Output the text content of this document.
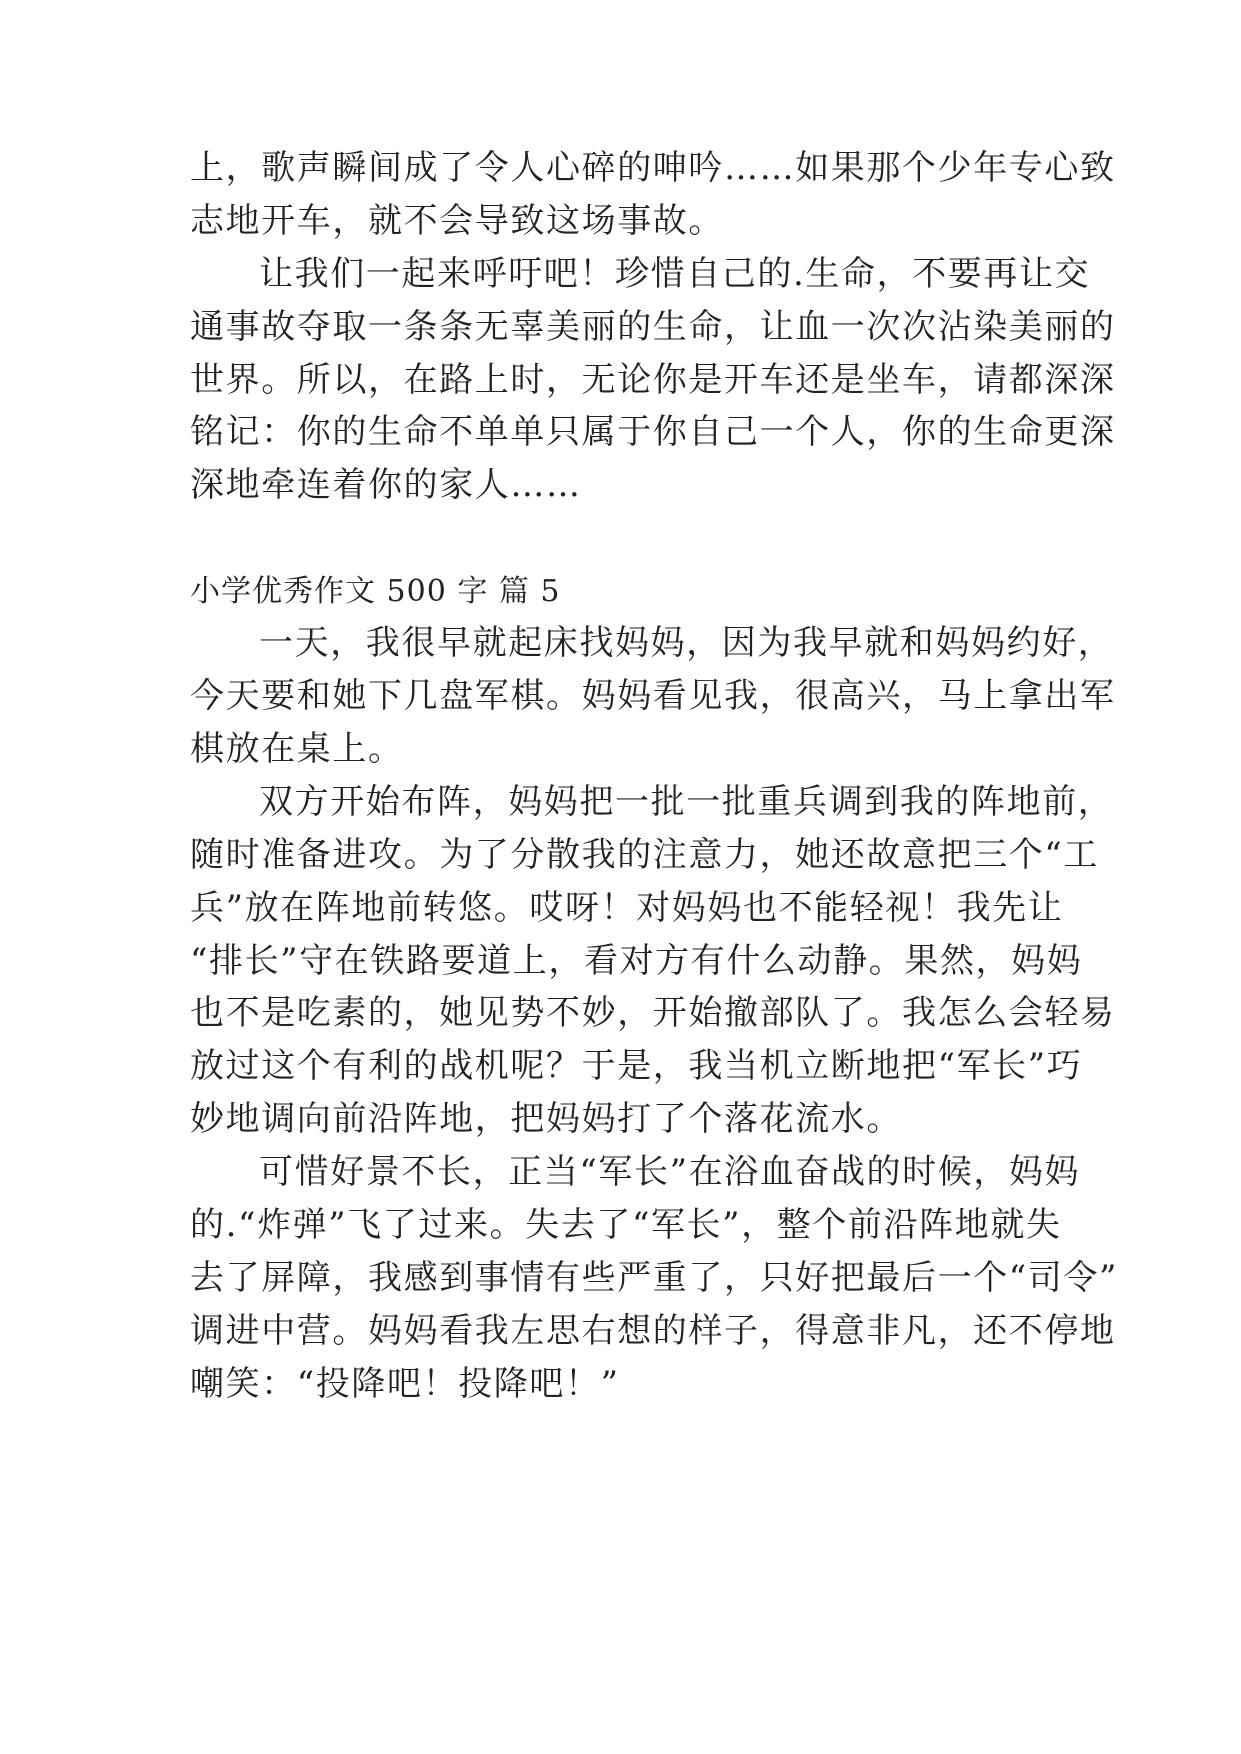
上，歌声瞬间成了令人心碎的呻吟……如果那个少年专心致
志地开车，就不会导致这场事故。
让我们一起来呼吁吧！珍惜自己的.生命，不要再让交
通事故夺取一条条无辜美丽的生命，让血一次次沾染美丽的
世界。所以，在路上时，无论你是开车还是坐车，请都深深
铭记：你的生命不单单只属于你自己一个人，你的生命更深
深地牵连着你的家人……
小学优秀作文 500 字 篇 5
一天，我很早就起床找妈妈，因为我早就和妈妈约好，
今天要和她下几盘军棋。妈妈看见我，很高兴，马上拿出军
棋放在桌上。
双方开始布阵，妈妈把一批一批重兵调到我的阵地前，
随时准备进攻。为了分散我的注意力，她还故意把三个“工
兵”放在阵地前转悠。哎呀！对妈妈也不能轻视！我先让
“排长”守在铁路要道上，看对方有什么动静。果然，妈妈
也不是吃素的，她见势不妙，开始撤部队了。我怎么会轻易
放过这个有利的战机呢？于是，我当机立断地把“军长”巧
妙地调向前沿阵地，把妈妈打了个落花流水。
可惜好景不长，正当“军长”在浴血奋战的时候，妈妈
的.“炸弹”飞了过来。失去了“军长”，整个前沿阵地就失
去了屏障，我感到事情有些严重了，只好把最后一个“司令”
调进中营。妈妈看我左思右想的样子，得意非凡，还不停地
嘲笑：“投降吧！投降吧！”
